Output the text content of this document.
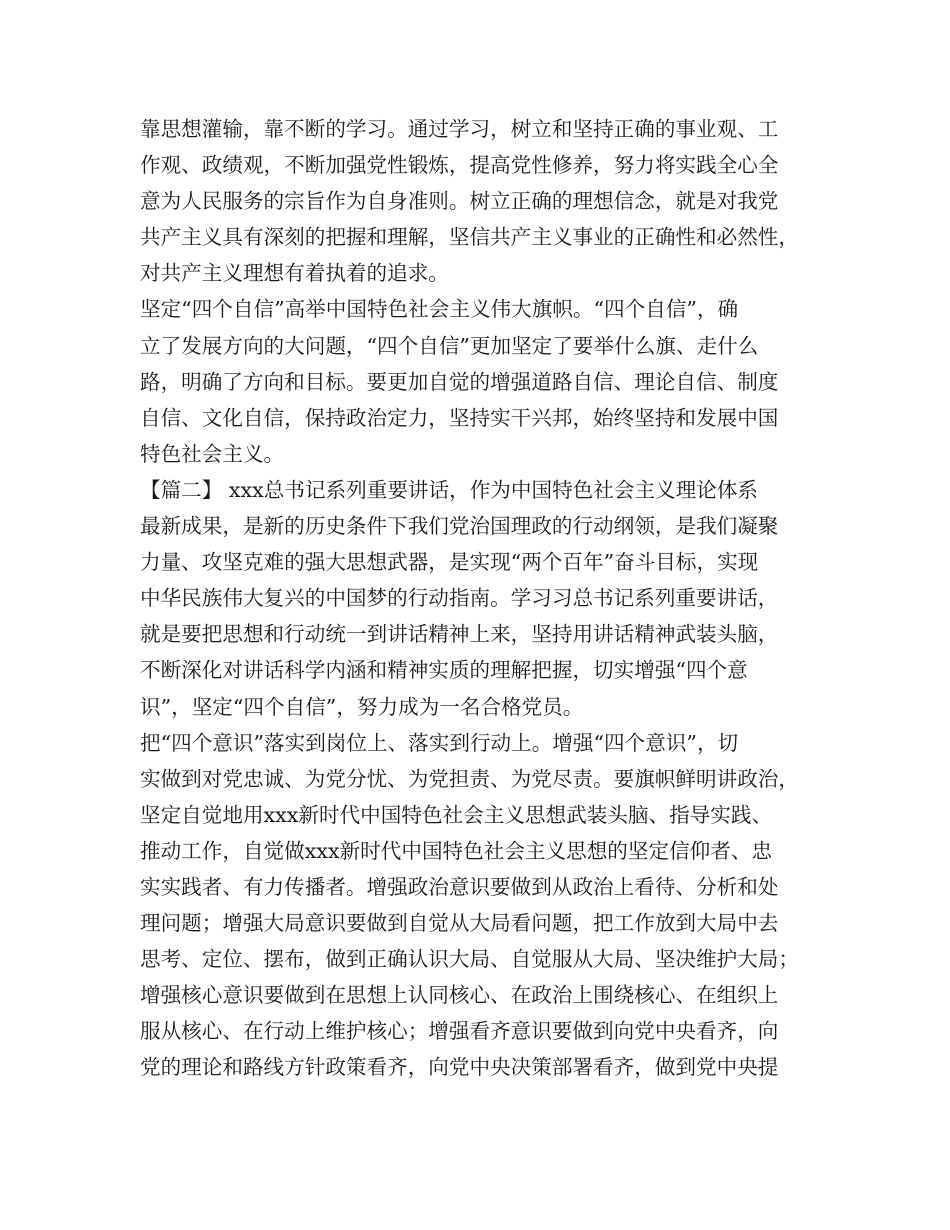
靠思想灌输，靠不断的学习。通过学习，树立和坚持正确的事业观、工
作观、政绩观，不断加强党性锻炼，提高党性修养，努力将实践全心全
意为人民服务的宗旨作为自身准则。树立正确的理想信念，就是对我党
共产主义具有深刻的把握和理解，坚信共产主义事业的正确性和必然性，
对共产主义理想有着执着的追求。
坚定“四个自信”高举中国特色社会主义伟大旗帜。“四个自信”，确
立了发展方向的大问题，“四个自信”更加坚定了要举什么旗、走什么
路，明确了方向和目标。要更加自觉的增强道路自信、理论自信、制度
自信、文化自信，保持政治定力，坚持实干兴邦，始终坚持和发展中国
特色社会主义。
【篇二】 xxx总书记系列重要讲话，作为中国特色社会主义理论体系
最新成果，是新的历史条件下我们党治国理政的行动纲领，是我们凝聚
力量、攻坚克难的强大思想武器，是实现“两个百年”奋斗目标，实现
中华民族伟大复兴的中国梦的行动指南。学习习总书记系列重要讲话，
就是要把思想和行动统一到讲话精神上来，坚持用讲话精神武装头脑，
不断深化对讲话科学内涵和精神实质的理解把握，切实增强“四个意
识”，坚定“四个自信”，努力成为一名合格党员。
把“四个意识”落实到岗位上、落实到行动上。增强“四个意识”，切
实做到对党忠诚、为党分忧、为党担责、为党尽责。要旗帜鲜明讲政治，
坚定自觉地用xxx新时代中国特色社会主义思想武装头脑、指导实践、
推动工作，自觉做xxx新时代中国特色社会主义思想的坚定信仰者、忠
实实践者、有力传播者。增强政治意识要做到从政治上看待、分析和处
理问题；增强大局意识要做到自觉从大局看问题，把工作放到大局中去
思考、定位、摆布，做到正确认识大局、自觉服从大局、坚决维护大局；
增强核心意识要做到在思想上认同核心、在政治上围绕核心、在组织上
服从核心、在行动上维护核心；增强看齐意识要做到向党中央看齐，向
党的理论和路线方针政策看齐，向党中央决策部署看齐，做到党中央提
